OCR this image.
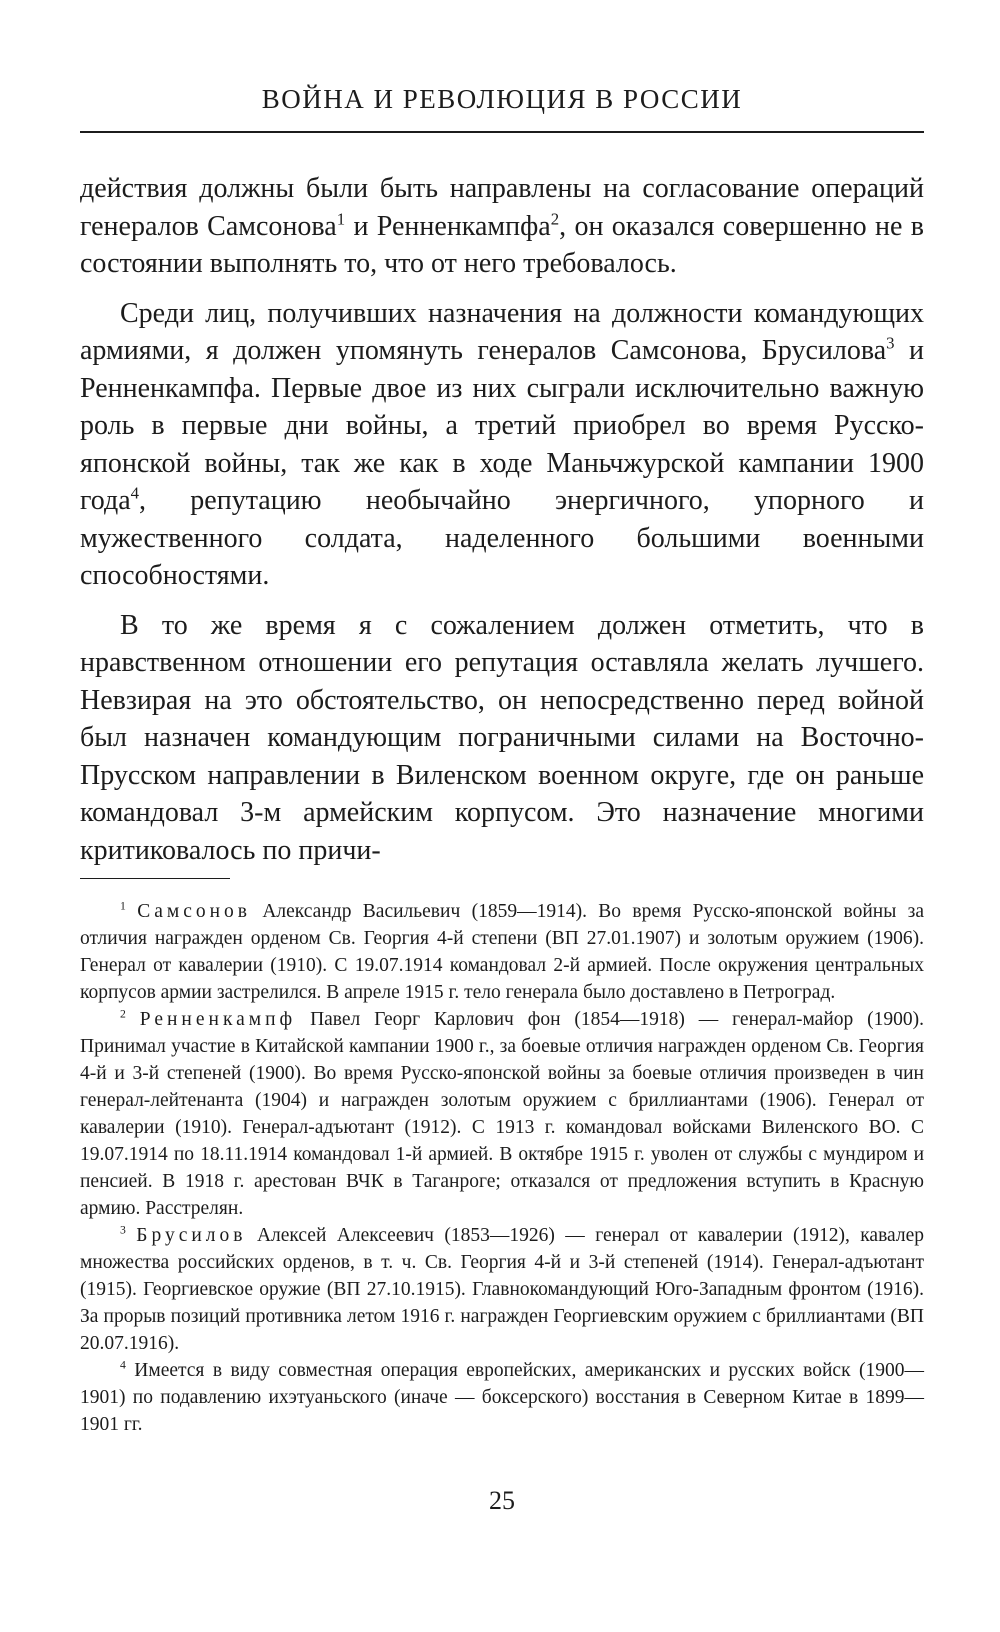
ВОЙНА И РЕВОЛЮЦИЯ В РОССИИ

действия должны были быть направлены на согласование операций генералов Самсонова$^1$ и Ренненкампфа$^2$, он оказался совершенно не в состоянии выполнять то, что от него требовалось.

Среди лиц, получивших назначения на должности командующих армиями, я должен упомянуть генералов Самсонова, Брусилова$^3$ и Ренненкампфа. Первые двое из них сыграли исключительно важную роль в первые дни войны, а третий приобрел во время Русско-японской войны, так же как в ходе Маньчжурской кампании 1900 года$^4$, репутацию необычайно энергичного, упорного и мужественного солдата, наделенного большими военными способностями.

В то же время я с сожалением должен отметить, что в нравственном отношении его репутация оставляла желать лучшего. Невзирая на это обстоятельство, он непосредственно перед войной был назначен командующим пограничными силами на Восточно-Прусском направлении в Виленском военном округе, где он раньше командовал 3-м армейским корпусом. Это назначение многими критиковалось по причи-

$^1$ Самсонов Александр Васильевич (1859—1914). Во время Русско-японской войны за отличия награжден орденом Св. Георгия 4-й степени (ВП 27.01.1907) и золотым оружием (1906). Генерал от кавалерии (1910). С 19.07.1914 командовал 2-й армией. После окружения центральных корпусов армии застрелился. В апреле 1915 г. тело генерала было доставлено в Петроград.

$^2$ Ренненкампф Павел Георг Карлович фон (1854—1918) — генерал-майор (1900). Принимал участие в Китайской кампании 1900 г., за боевые отличия награжден орденом Св. Георгия 4-й и 3-й степеней (1900). Во время Русско-японской войны за боевые отличия произведен в чин генерал-лейтенанта (1904) и награжден золотым оружием с бриллиантами (1906). Генерал от кавалерии (1910). Генерал-адъютант (1912). С 1913 г. командовал войсками Виленского ВО. С 19.07.1914 по 18.11.1914 командовал 1-й армией. В октябре 1915 г. уволен от службы с мундиром и пенсией. В 1918 г. арестован ВЧК в Таганроге; отказался от предложения вступить в Красную армию. Расстрелян.

$^3$ Брусилов Алексей Алексеевич (1853—1926) — генерал от кавалерии (1912), кавалер множества российских орденов, в т. ч. Св. Георгия 4-й и 3-й степеней (1914). Генерал-адъютант (1915). Георгиевское оружие (ВП 27.10.1915). Главнокомандующий Юго-Западным фронтом (1916). За прорыв позиций противника летом 1916 г. награжден Георгиевским оружием с бриллиантами (ВП 20.07.1916).

$^4$ Имеется в виду совместная операция европейских, американских и русских войск (1900—1901) по подавлению ихэтуаньского (иначе — боксерского) восстания в Северном Китае в 1899—1901 гг.

25
